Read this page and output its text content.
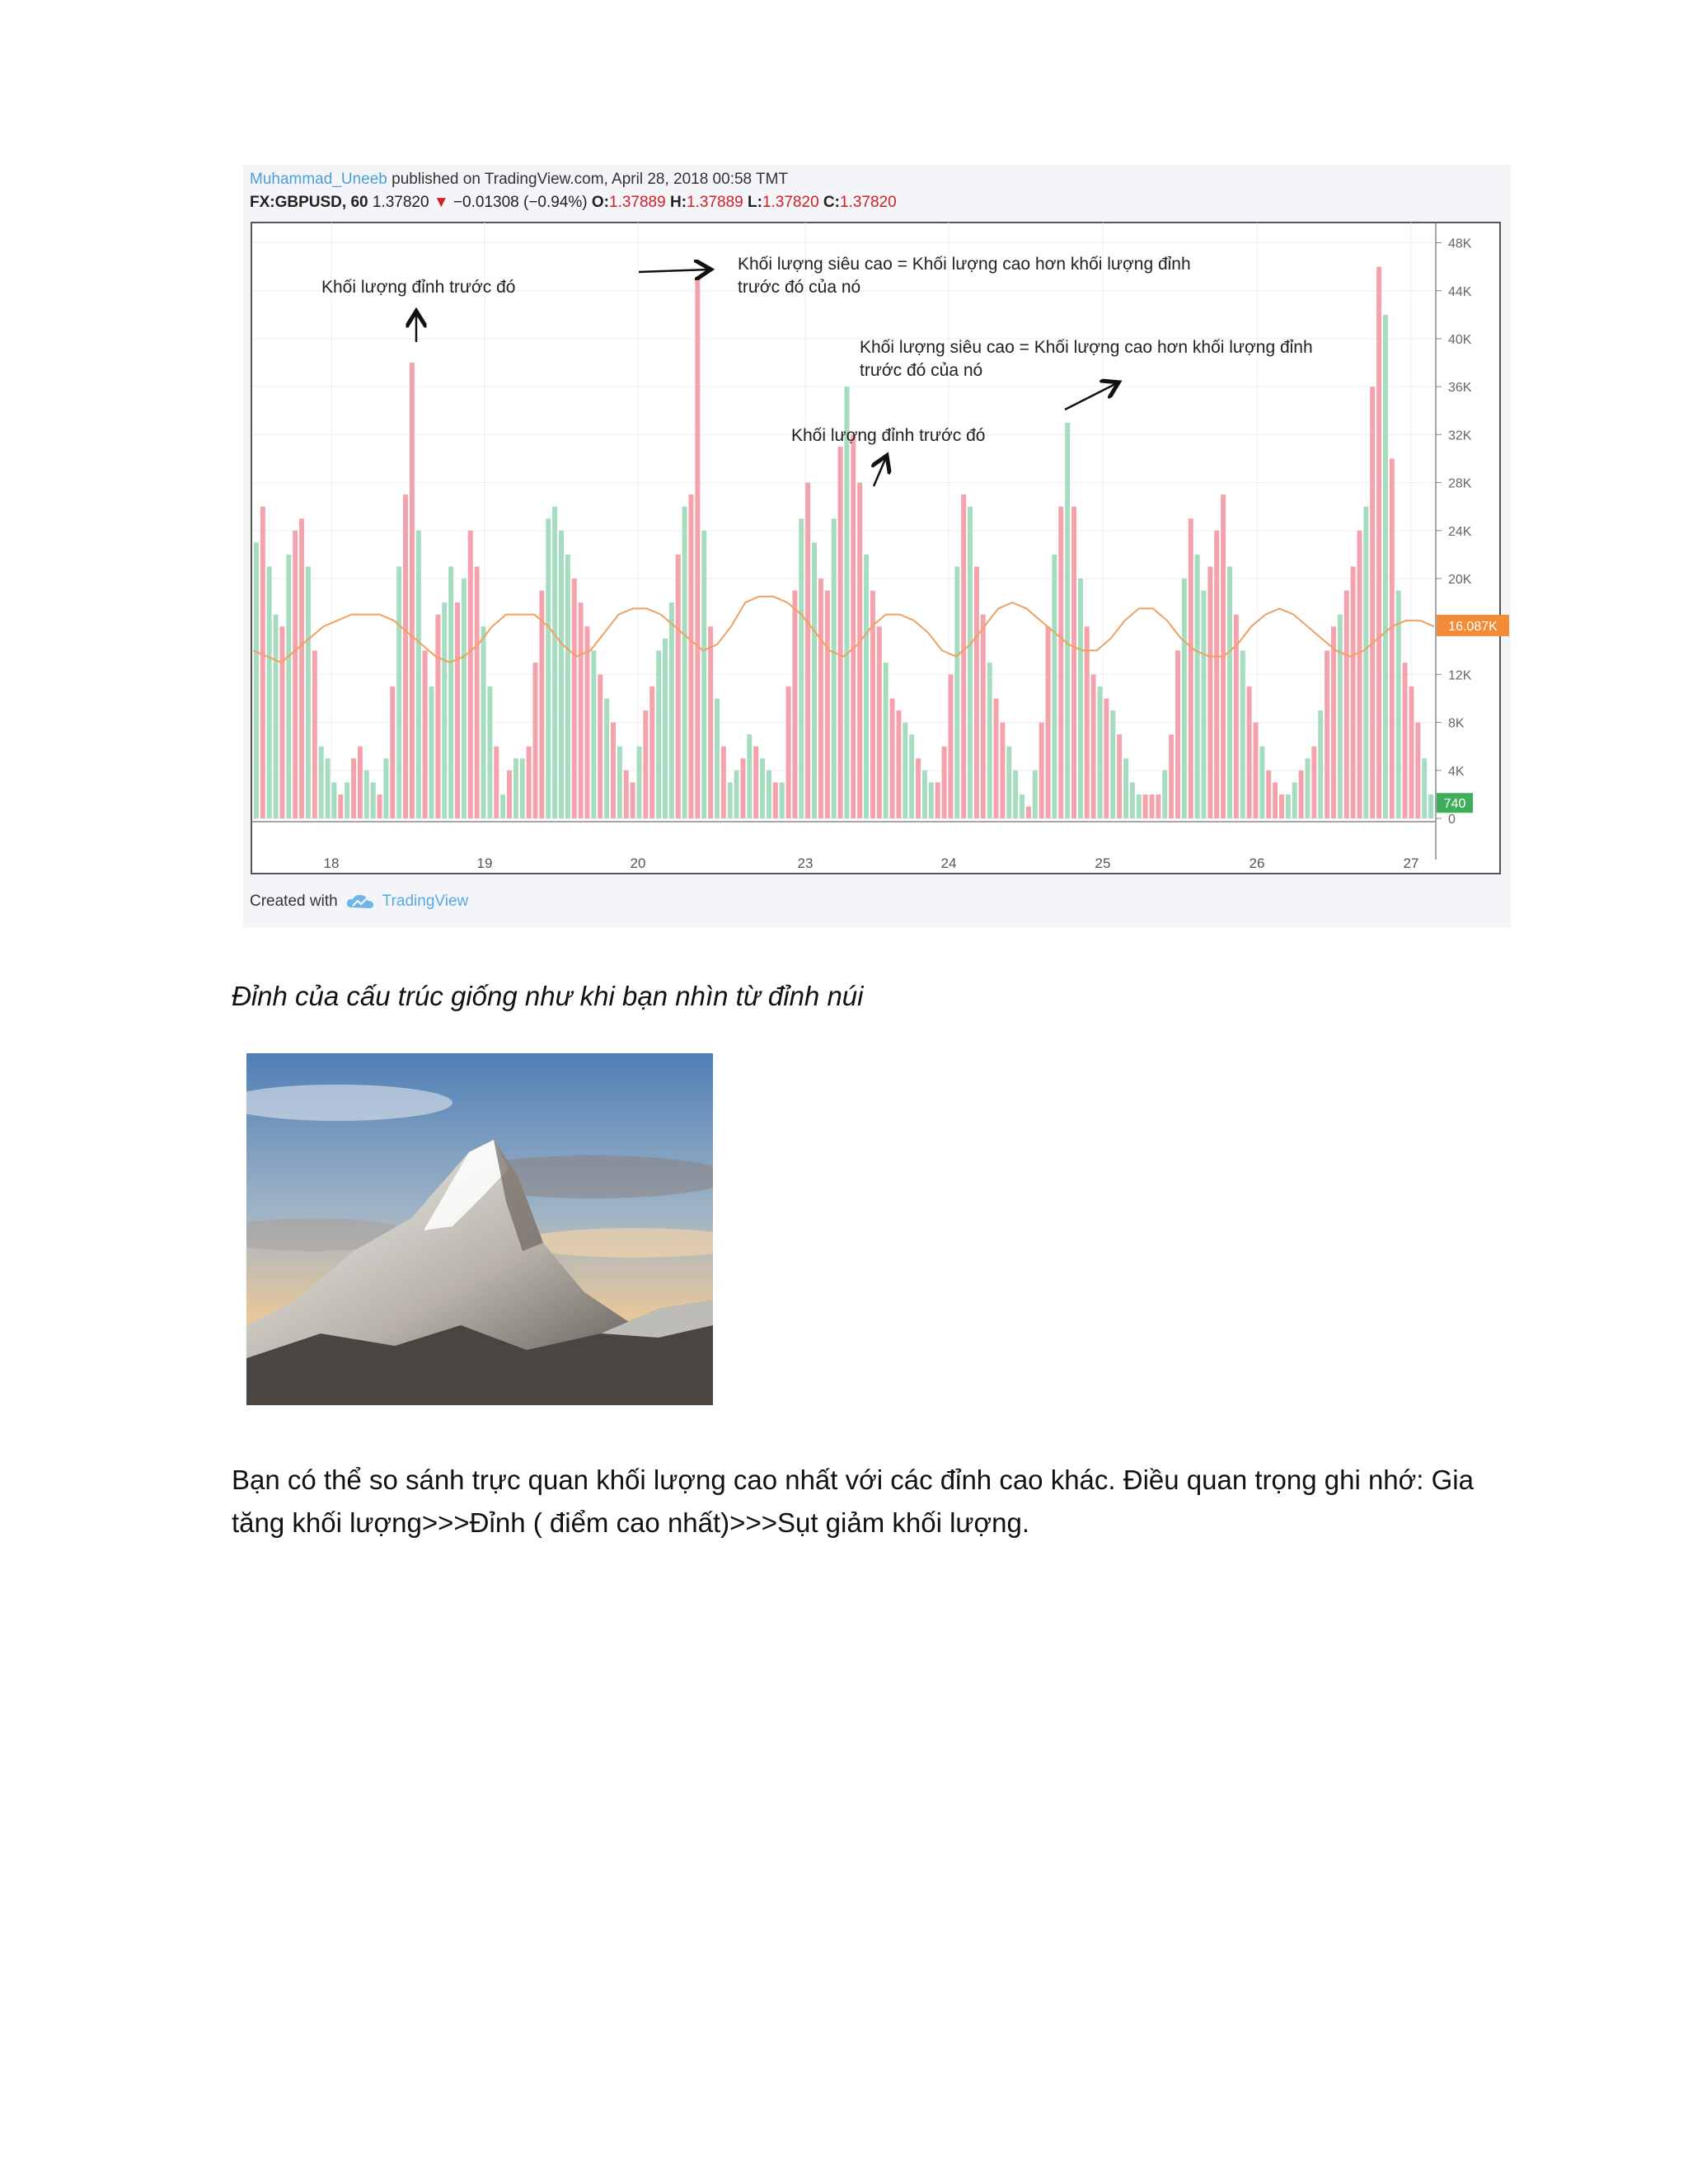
Muhammad_Uneeb published on TradingView.com, April 28, 2018 00:58 TMT
FX:GBPUSD, 60 1.37820 ▼ −0.01308 (−0.94%) O:1.37889 H:1.37889 L:1.37820 C:1.37820
48K
44K
40K
36K
32K
28K
24K
20K
12K
8K
4K
0
18	19	20	23	24	25	26	27
16.087K
740
Khối lượng đỉnh trước đó
Khối lượng siêu cao = Khối lượng cao hơn khối lượng đỉnh
trước đó của nó
Khối lượng siêu cao = Khối lượng cao hơn khối lượng đỉnh
trước đó của nó
Khối lượng đỉnh trước đó
Created with	TradingView
Đỉnh của cấu trúc giống như khi bạn nhìn từ đỉnh núi

Bạn có thể so sánh trực quan khối lượng cao nhất với các đỉnh cao khác. Điều quan trọng ghi nhớ: Gia

tăng khối lượng>>>Đỉnh ( điểm cao nhất)>>>Sụt giảm khối lượng.
